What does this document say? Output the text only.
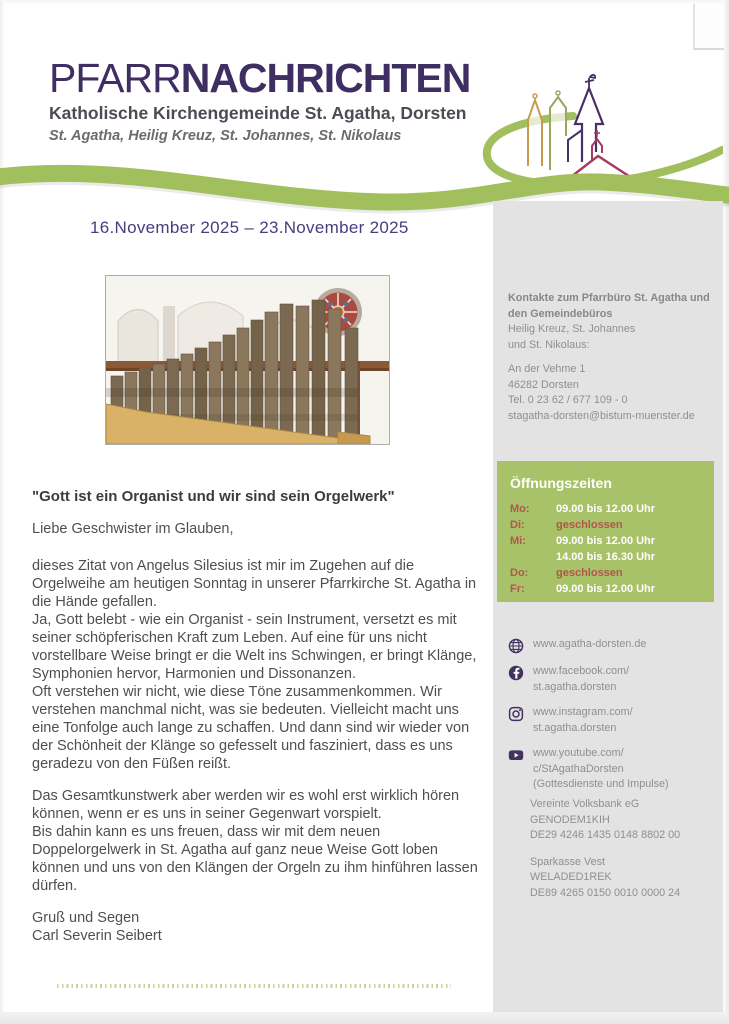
PFARRNACHRICHTEN
Katholische Kirchengemeinde St. Agatha, Dorsten
St. Agatha, Heilig Kreuz, St. Johannes, St. Nikolaus
Kontakte zum Pfarrbüro St. Agatha und den Gemeindebüros
Heilig Kreuz, St. Johannes
und St. Nikolaus:
An der Vehme 1
46282 Dorsten
Tel. 0 23 62 / 677 109 - 0
stagatha-dorsten@bistum-muenster.de
Öffnungszeiten
Mo:	09.00 bis 12.00 Uhr
Di:	geschlossen
Mi:	09.00 bis 12.00 Uhr
14.00 bis 16.30 Uhr
Do:	geschlossen
Fr:	09.00 bis 12.00 Uhr
www.agatha-dorsten.de
www.facebook.com/
st.agatha.dorsten
www.instagram.com/
st.agatha.dorsten
www.youtube.com/
c/StAgathaDorsten
(Gottesdienste und Impulse)
Vereinte Volksbank eG
GENODEM1KIH
DE29 4246 1435 0148 8802 00
Sparkasse Vest
WELADED1REK
DE89 4265 0150 0010 0000 24
16.November 2025 – 23.November 2025
"Gott ist ein Organist und wir sind sein Orgelwerk"
Liebe Geschwister im Glauben,
dieses Zitat von Angelus Silesius ist mir im Zugehen auf die Orgelweihe am heutigen Sonntag in unserer Pfarrkirche St. Agatha in die Hände gefallen.
Ja, Gott belebt - wie ein Organist - sein Instrument, versetzt es mit seiner schöpferischen Kraft zum Leben. Auf eine für uns nicht vorstellbare Weise bringt er die Welt ins Schwingen, er bringt Klänge, Symphonien hervor, Harmonien und Dissonanzen.
Oft verstehen wir nicht, wie diese Töne zusammenkommen. Wir verstehen manchmal nicht, was sie bedeuten. Vielleicht macht uns eine Tonfolge auch lange zu schaffen. Und dann sind wir wieder von der Schönheit der Klänge so gefesselt und fasziniert, dass es uns geradezu von den Füßen reißt.
Das Gesamtkunstwerk aber werden wir es wohl erst wirklich hören können, wenn er es uns in seiner Gegenwart vorspielt.
Bis dahin kann es uns freuen, dass wir mit dem neuen Doppelorgelwerk in St. Agatha auf ganz neue Weise Gott loben können und uns von den Klängen der Orgeln zu ihm hinführen lassen dürfen.
Gruß und Segen
Carl Severin Seibert
